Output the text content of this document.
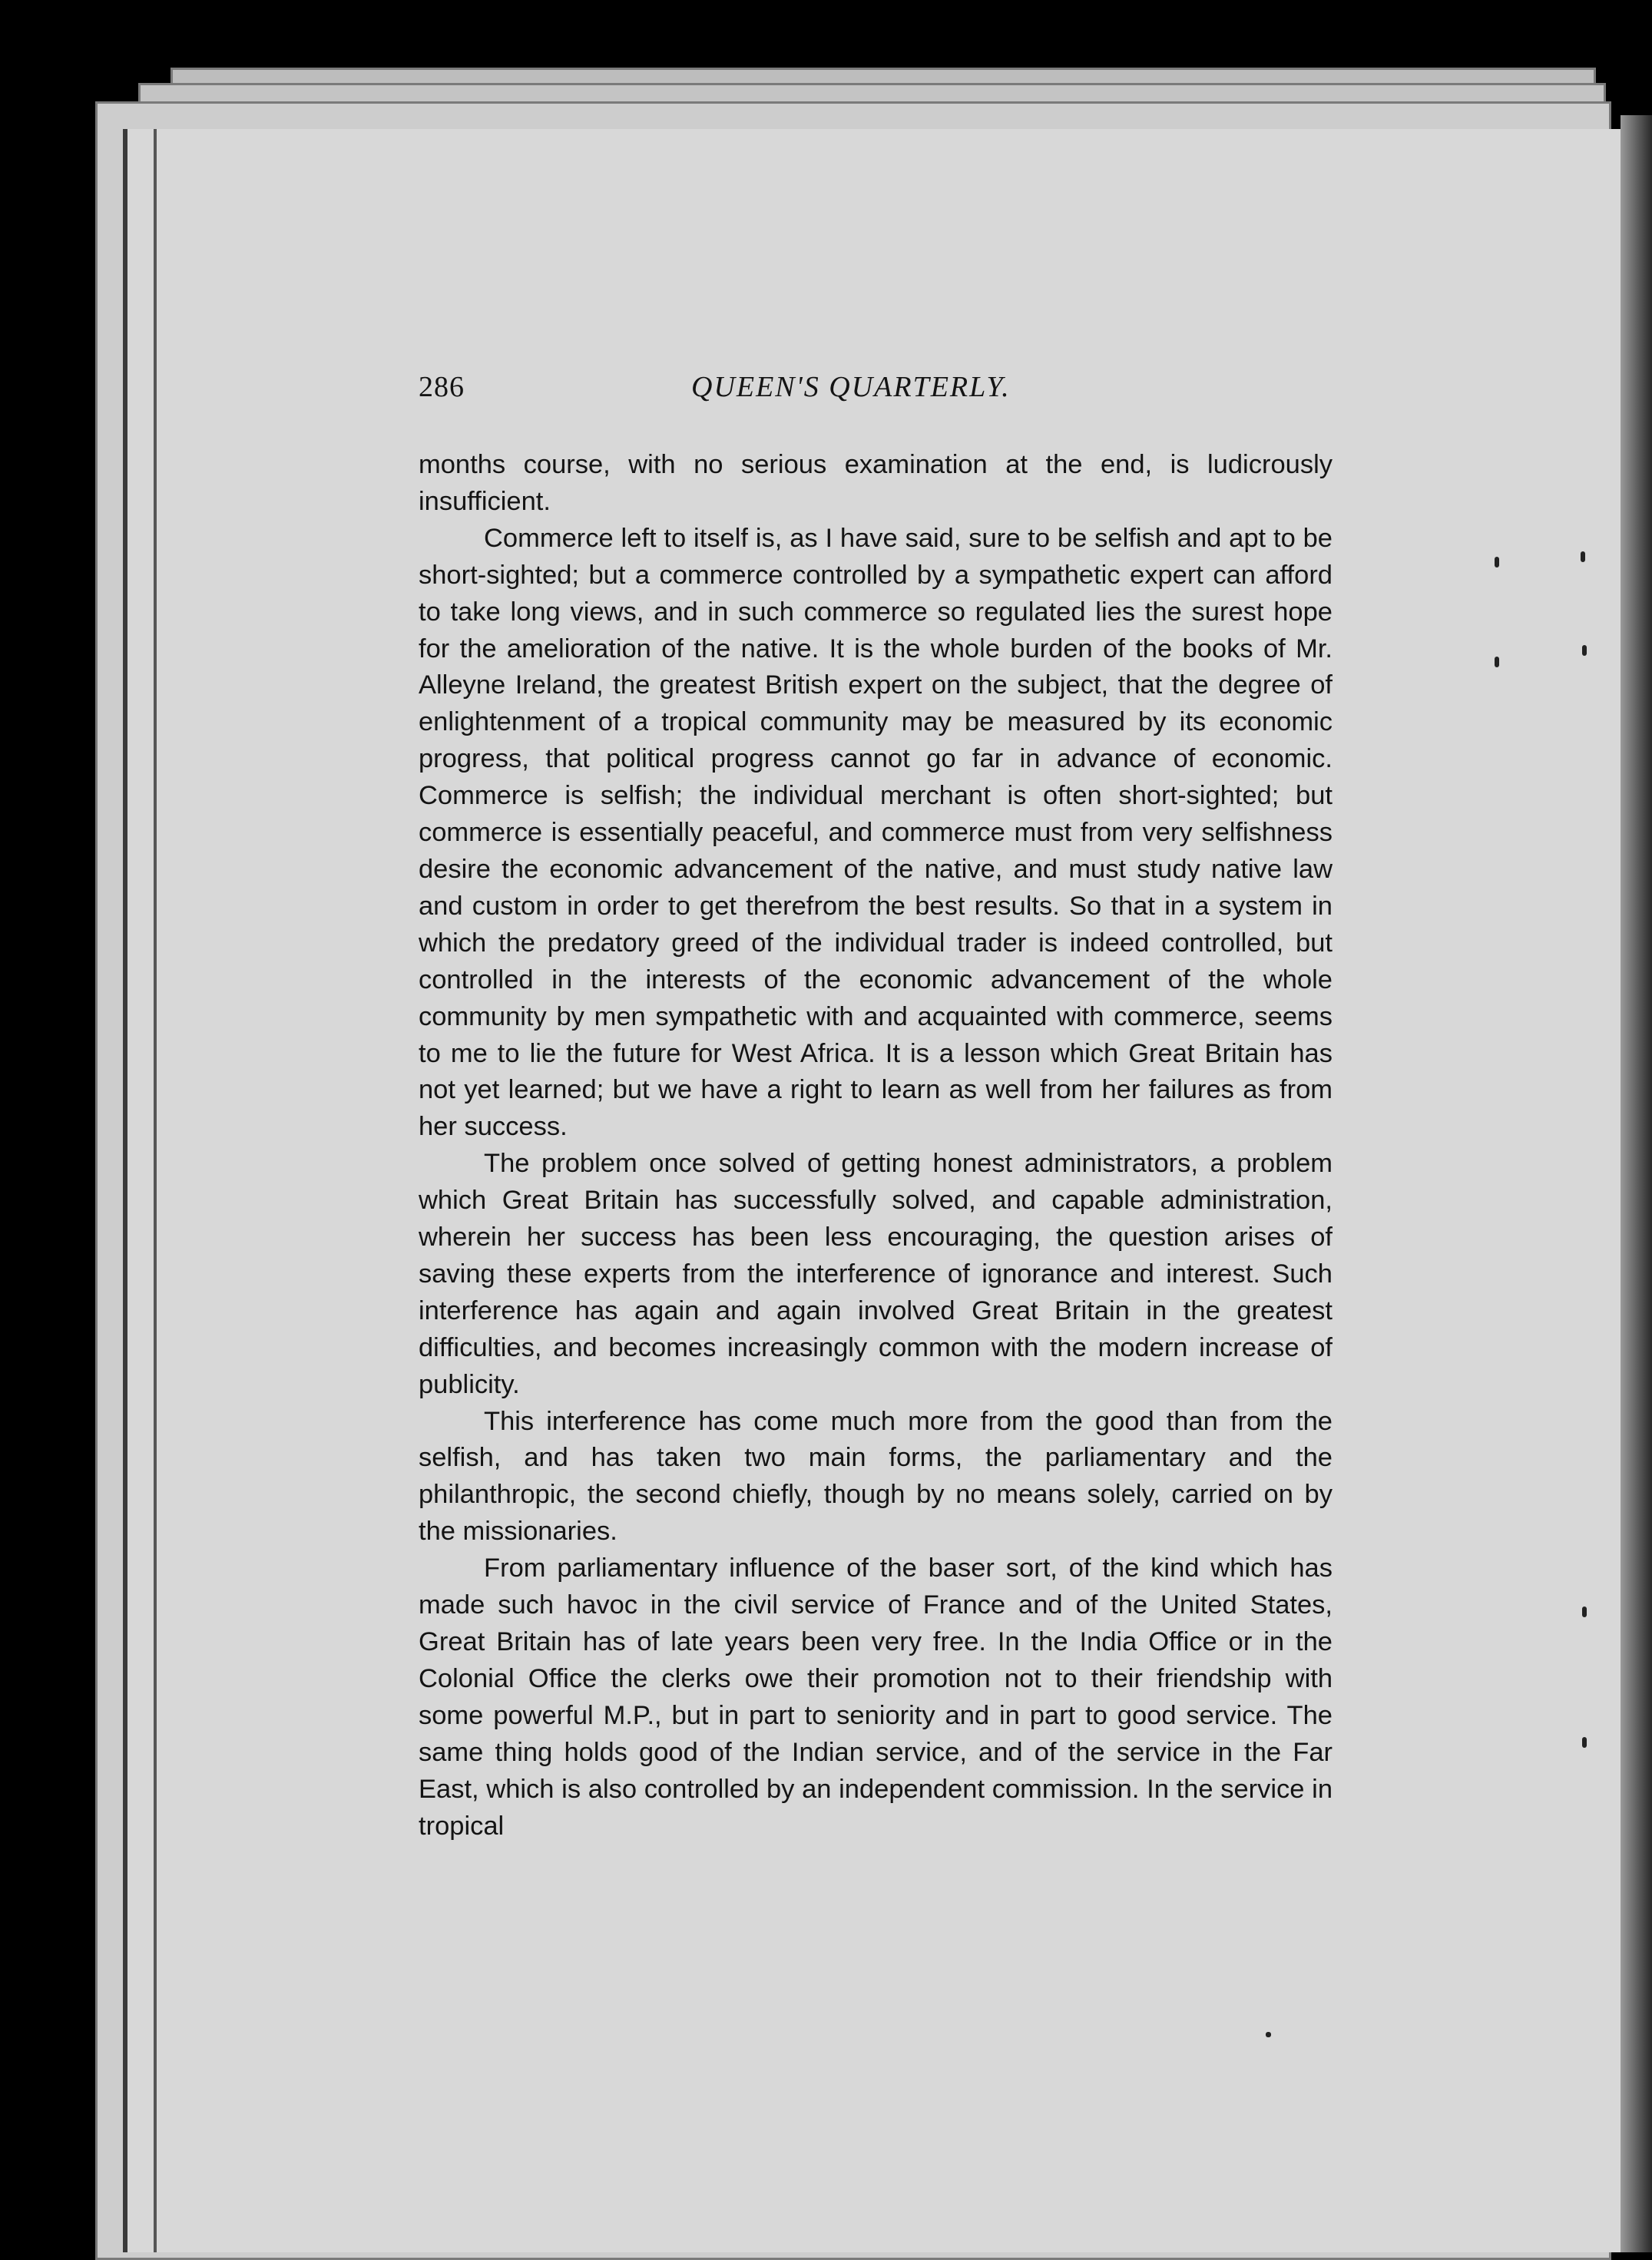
286	QUEEN'S QUARTERLY.

months course, with no serious examination at the end, is ludicrously insufficient.

Commerce left to itself is, as I have said, sure to be selfish and apt to be short-sighted; but a commerce controlled by a sympathetic expert can afford to take long views, and in such commerce so regulated lies the surest hope for the amelioration of the native. It is the whole burden of the books of Mr. Alleyne Ireland, the greatest British expert on the subject, that the degree of enlightenment of a tropical community may be measured by its economic progress, that political progress cannot go far in advance of economic. Commerce is selfish; the individual merchant is often short-sighted; but commerce is essentially peaceful, and commerce must from very selfishness desire the economic advancement of the native, and must study native law and custom in order to get therefrom the best results. So that in a system in which the predatory greed of the individual trader is indeed controlled, but controlled in the interests of the economic advancement of the whole community by men sympathetic with and acquainted with commerce, seems to me to lie the future for West Africa. It is a lesson which Great Britain has not yet learned; but we have a right to learn as well from her failures as from her success.

The problem once solved of getting honest administrators, a problem which Great Britain has successfully solved, and capable administration, wherein her success has been less encouraging, the question arises of saving these experts from the interference of ignorance and interest. Such interference has again and again involved Great Britain in the greatest difficulties, and becomes increasingly common with the modern increase of publicity.

This interference has come much more from the good than from the selfish, and has taken two main forms, the parliamentary and the philanthropic, the second chiefly, though by no means solely, carried on by the missionaries.

From parliamentary influence of the baser sort, of the kind which has made such havoc in the civil service of France and of the United States, Great Britain has of late years been very free. In the India Office or in the Colonial Office the clerks owe their promotion not to their friendship with some powerful M.P., but in part to seniority and in part to good service. The same thing holds good of the Indian service, and of the service in the Far East, which is also controlled by an independent commission. In the service in tropical
